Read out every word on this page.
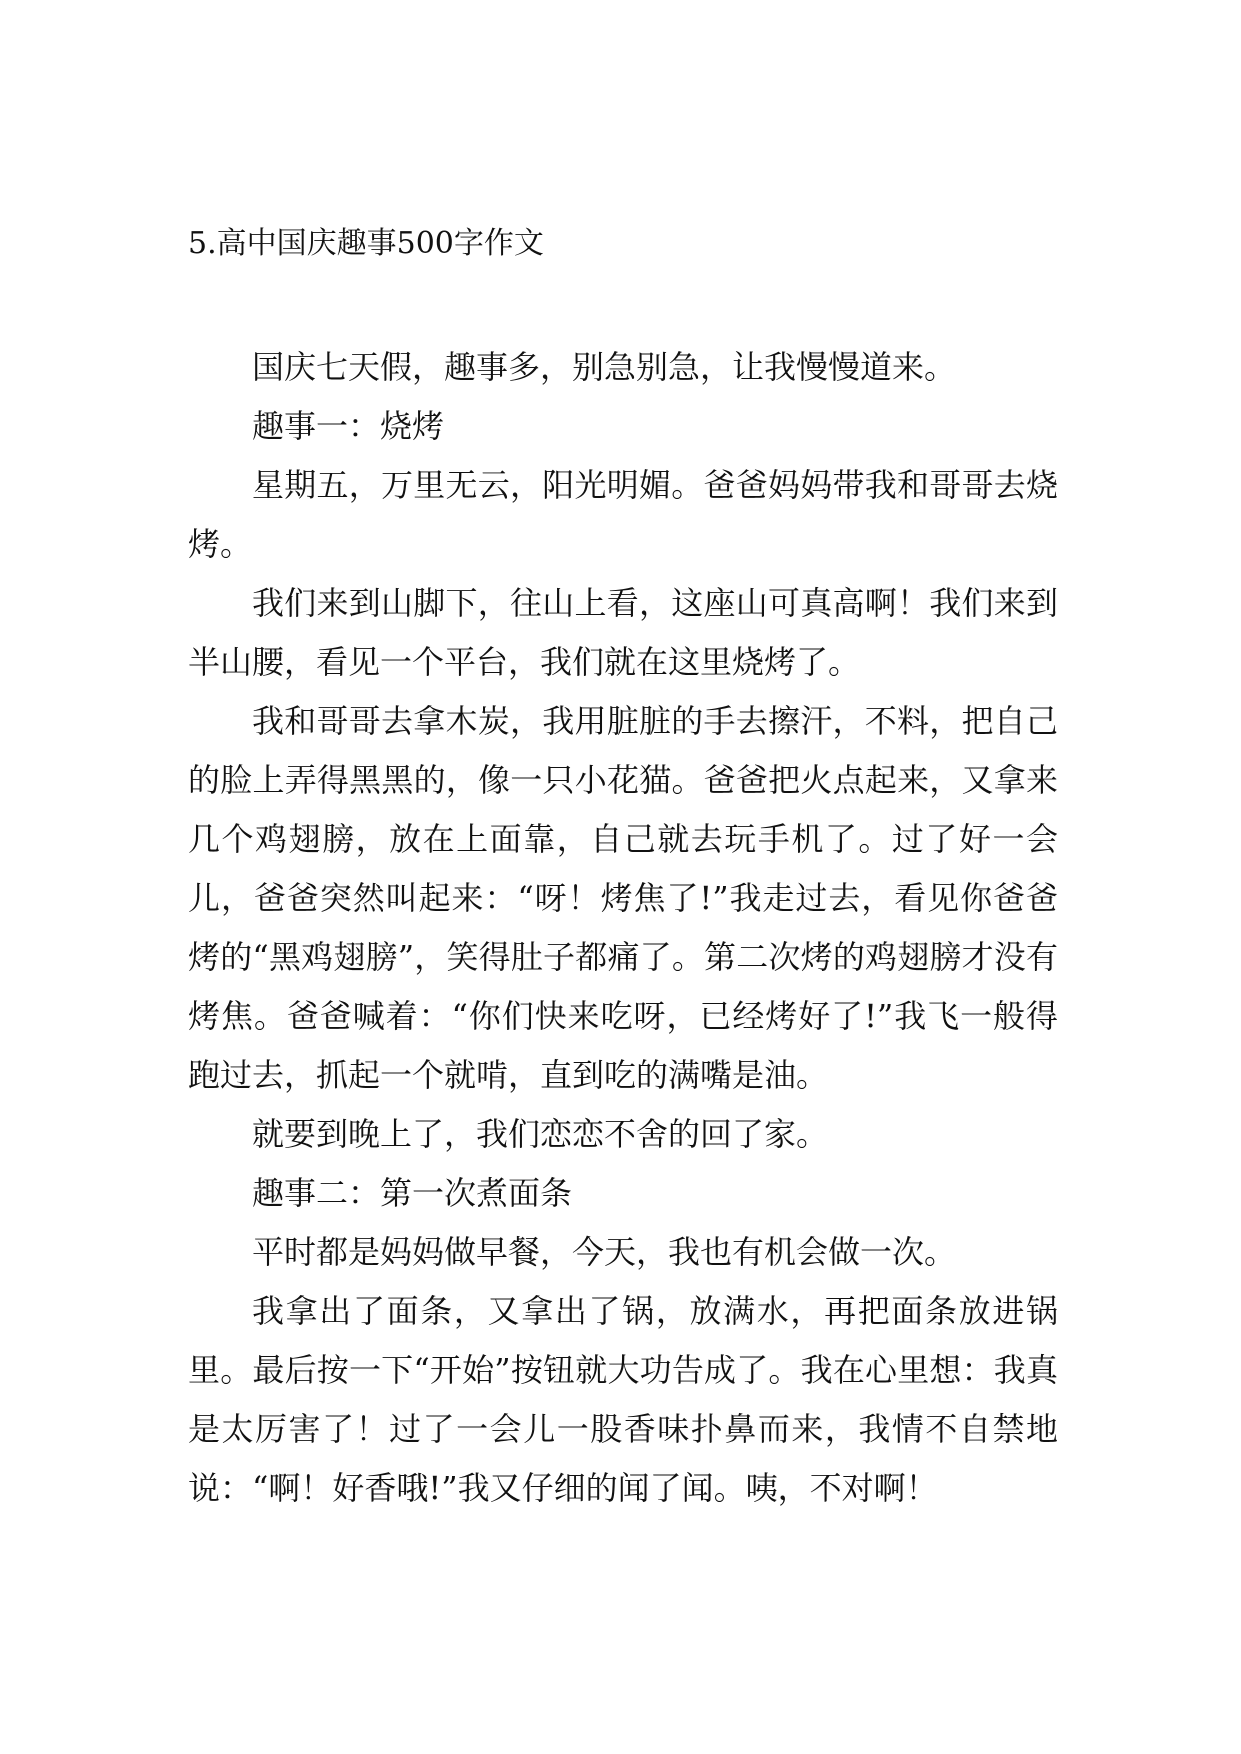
5.高中国庆趣事500字作文

国庆七天假，趣事多，别急别急，让我慢慢道来。

趣事一：烧烤

星期五，万里无云，阳光明媚。爸爸妈妈带我和哥哥去烧烤。

我们来到山脚下，往山上看，这座山可真高啊！我们来到半山腰，看见一个平台，我们就在这里烧烤了。

我和哥哥去拿木炭，我用脏脏的手去擦汗，不料，把自己的脸上弄得黑黑的，像一只小花猫。爸爸把火点起来，又拿来几个鸡翅膀，放在上面靠，自己就去玩手机了。过了好一会儿，爸爸突然叫起来：“呀！烤焦了!”我走过去，看见你爸爸烤的“黑鸡翅膀”，笑得肚子都痛了。第二次烤的鸡翅膀才没有烤焦。爸爸喊着：“你们快来吃呀，已经烤好了!”我飞一般得跑过去，抓起一个就啃，直到吃的满嘴是油。

就要到晚上了，我们恋恋不舍的回了家。

趣事二：第一次煮面条

平时都是妈妈做早餐，今天，我也有机会做一次。

我拿出了面条，又拿出了锅，放满水，再把面条放进锅里。最后按一下“开始”按钮就大功告成了。我在心里想：我真是太厉害了！过了一会儿一股香味扑鼻而来，我情不自禁地说：“啊！好香哦!”我又仔细的闻了闻。咦，不对啊！
